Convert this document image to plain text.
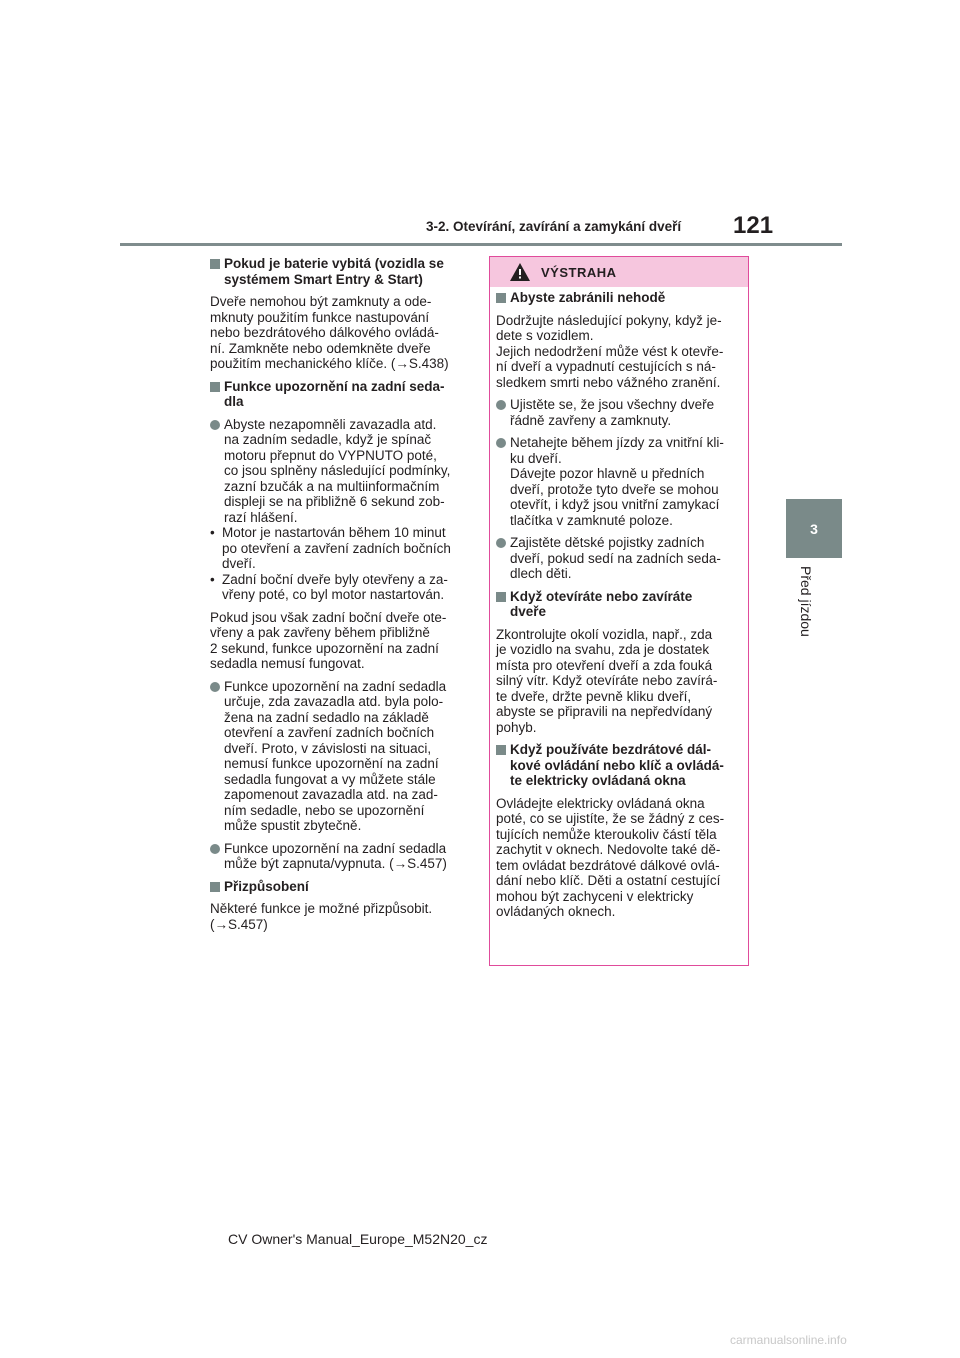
3-2. Otevírání, zavírání a zamykání dveří 121
3
Před jízdou
Pokud je baterie vybitá (vozidla se
systémem Smart Entry & Start)
Dveře nemohou být zamknuty a ode-
mknuty použitím funkce nastupování
nebo bezdrátového dálkového ovládá-
ní. Zamkněte nebo odemkněte dveře
použitím mechanického klíče. (→S.438)
Funkce upozornění na zadní seda-
dla
Abyste nezapomněli zavazadla atd.
na zadním sedadle, když je spínač
motoru přepnut do VYPNUTO poté,
co jsou splněny následující podmínky,
zazní bzučák a na multiinformačním
displeji se na přibližně 6 sekund zob-
razí hlášení.
• Motor je nastartován během 10 minut
po otevření a zavření zadních bočních
dveří.
• Zadní boční dveře byly otevřeny a za-
vřeny poté, co byl motor nastartován.
Pokud jsou však zadní boční dveře ote-
vřeny a pak zavřeny během přibližně
2 sekund, funkce upozornění na zadní
sedadla nemusí fungovat.
Funkce upozornění na zadní sedadla
určuje, zda zavazadla atd. byla polo-
žena na zadní sedadlo na základě
otevření a zavření zadních bočních
dveří. Proto, v závislosti na situaci,
nemusí funkce upozornění na zadní
sedadla fungovat a vy můžete stále
zapomenout zavazadla atd. na zad-
ním sedadle, nebo se upozornění
může spustit zbytečně.
Funkce upozornění na zadní sedadla
může být zapnuta/vypnuta. (→S.457)
Přizpůsobení
Některé funkce je možné přizpůsobit.
(→S.457)
VÝSTRAHA
Abyste zabránili nehodě
Dodržujte následující pokyny, když je-
dete s vozidlem.
Jejich nedodržení může vést k otevře-
ní dveří a vypadnutí cestujících s ná-
sledkem smrti nebo vážného zranění.
Ujistěte se, že jsou všechny dveře
řádně zavřeny a zamknuty.
Netahejte během jízdy za vnitřní kli-
ku dveří.
Dávejte pozor hlavně u předních
dveří, protože tyto dveře se mohou
otevřít, i když jsou vnitřní zamykací
tlačítka v zamknuté poloze.
Zajistěte dětské pojistky zadních
dveří, pokud sedí na zadních seda-
dlech děti.
Když otevíráte nebo zavíráte
dveře
Zkontrolujte okolí vozidla, např., zda
je vozidlo na svahu, zda je dostatek
místa pro otevření dveří a zda fouká
silný vítr. Když otevíráte nebo zavírá-
te dveře, držte pevně kliku dveří,
abyste se připravili na nepředvídaný
pohyb.
Když používáte bezdrátové dál-
kové ovládání nebo klíč a ovládá-
te elektricky ovládaná okna
Ovládejte elektricky ovládaná okna
poté, co se ujistíte, že se žádný z ces-
tujících nemůže kteroukoliv částí těla
zachytit v oknech. Nedovolte také dě-
tem ovládat bezdrátové dálkové ovlá-
dání nebo klíč. Děti a ostatní cestující
mohou být zachyceni v elektricky
ovládaných oknech.
CV Owner's Manual_Europe_M52N20_cz
carmanualsonline.info
